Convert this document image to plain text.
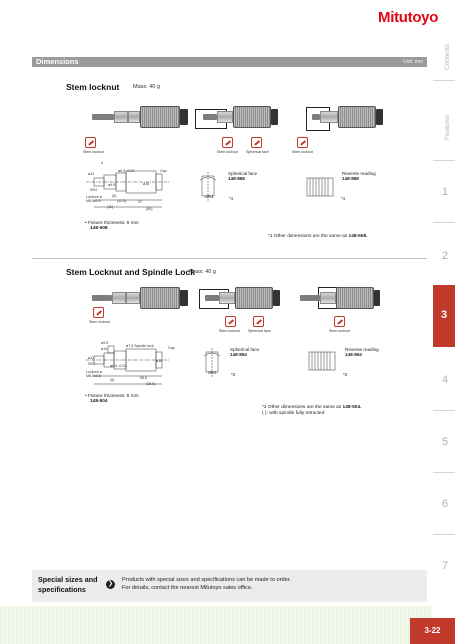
Mitutoyo
Dimensions	Unit: mm	Contents
Features
1
2
3
4
5
6
7
Stem locknut Mass: 40 g
Stem locknut	Stem locknut Spherical face	Stem locknut
4
ø12
ø6.5 -0.02	Cap
ø16
ø9.5
SR4
(5)
(12.5)
(11)
37
(50)
Locknut ø
M8.5x0.5
SR4
Spherical face
148-858
*1
Reverse reading
148-868
*1
• Fixture thickness: 6 mm
148-508
*1 Other dimensions are the same as 148-508.
Stem Locknut and Spindle Lock
Mass: 40 g
Stem locknut
Stem locknut Spherical face	Stem locknut
ø9.5
ø14
ø7.5 Spindle lock	Cap
ø16
ø12
SR4	ø6.5 -0.02
(5)	65.6
(36.6)
Locknut ø
M8.5x0.5
SR4
Spherical face
148-854
*2
Reverse reading
148-864
*2
• Fixture thickness: 6 mm
148-504
*2 Other dimensions are the same as 148-504.
( ): with spindle fully retracted
Special sizes and
specifications
❯
Products with special sizes and specifications can be made to order.
For details, contact the nearest Mitutoyo sales office.
3-22
